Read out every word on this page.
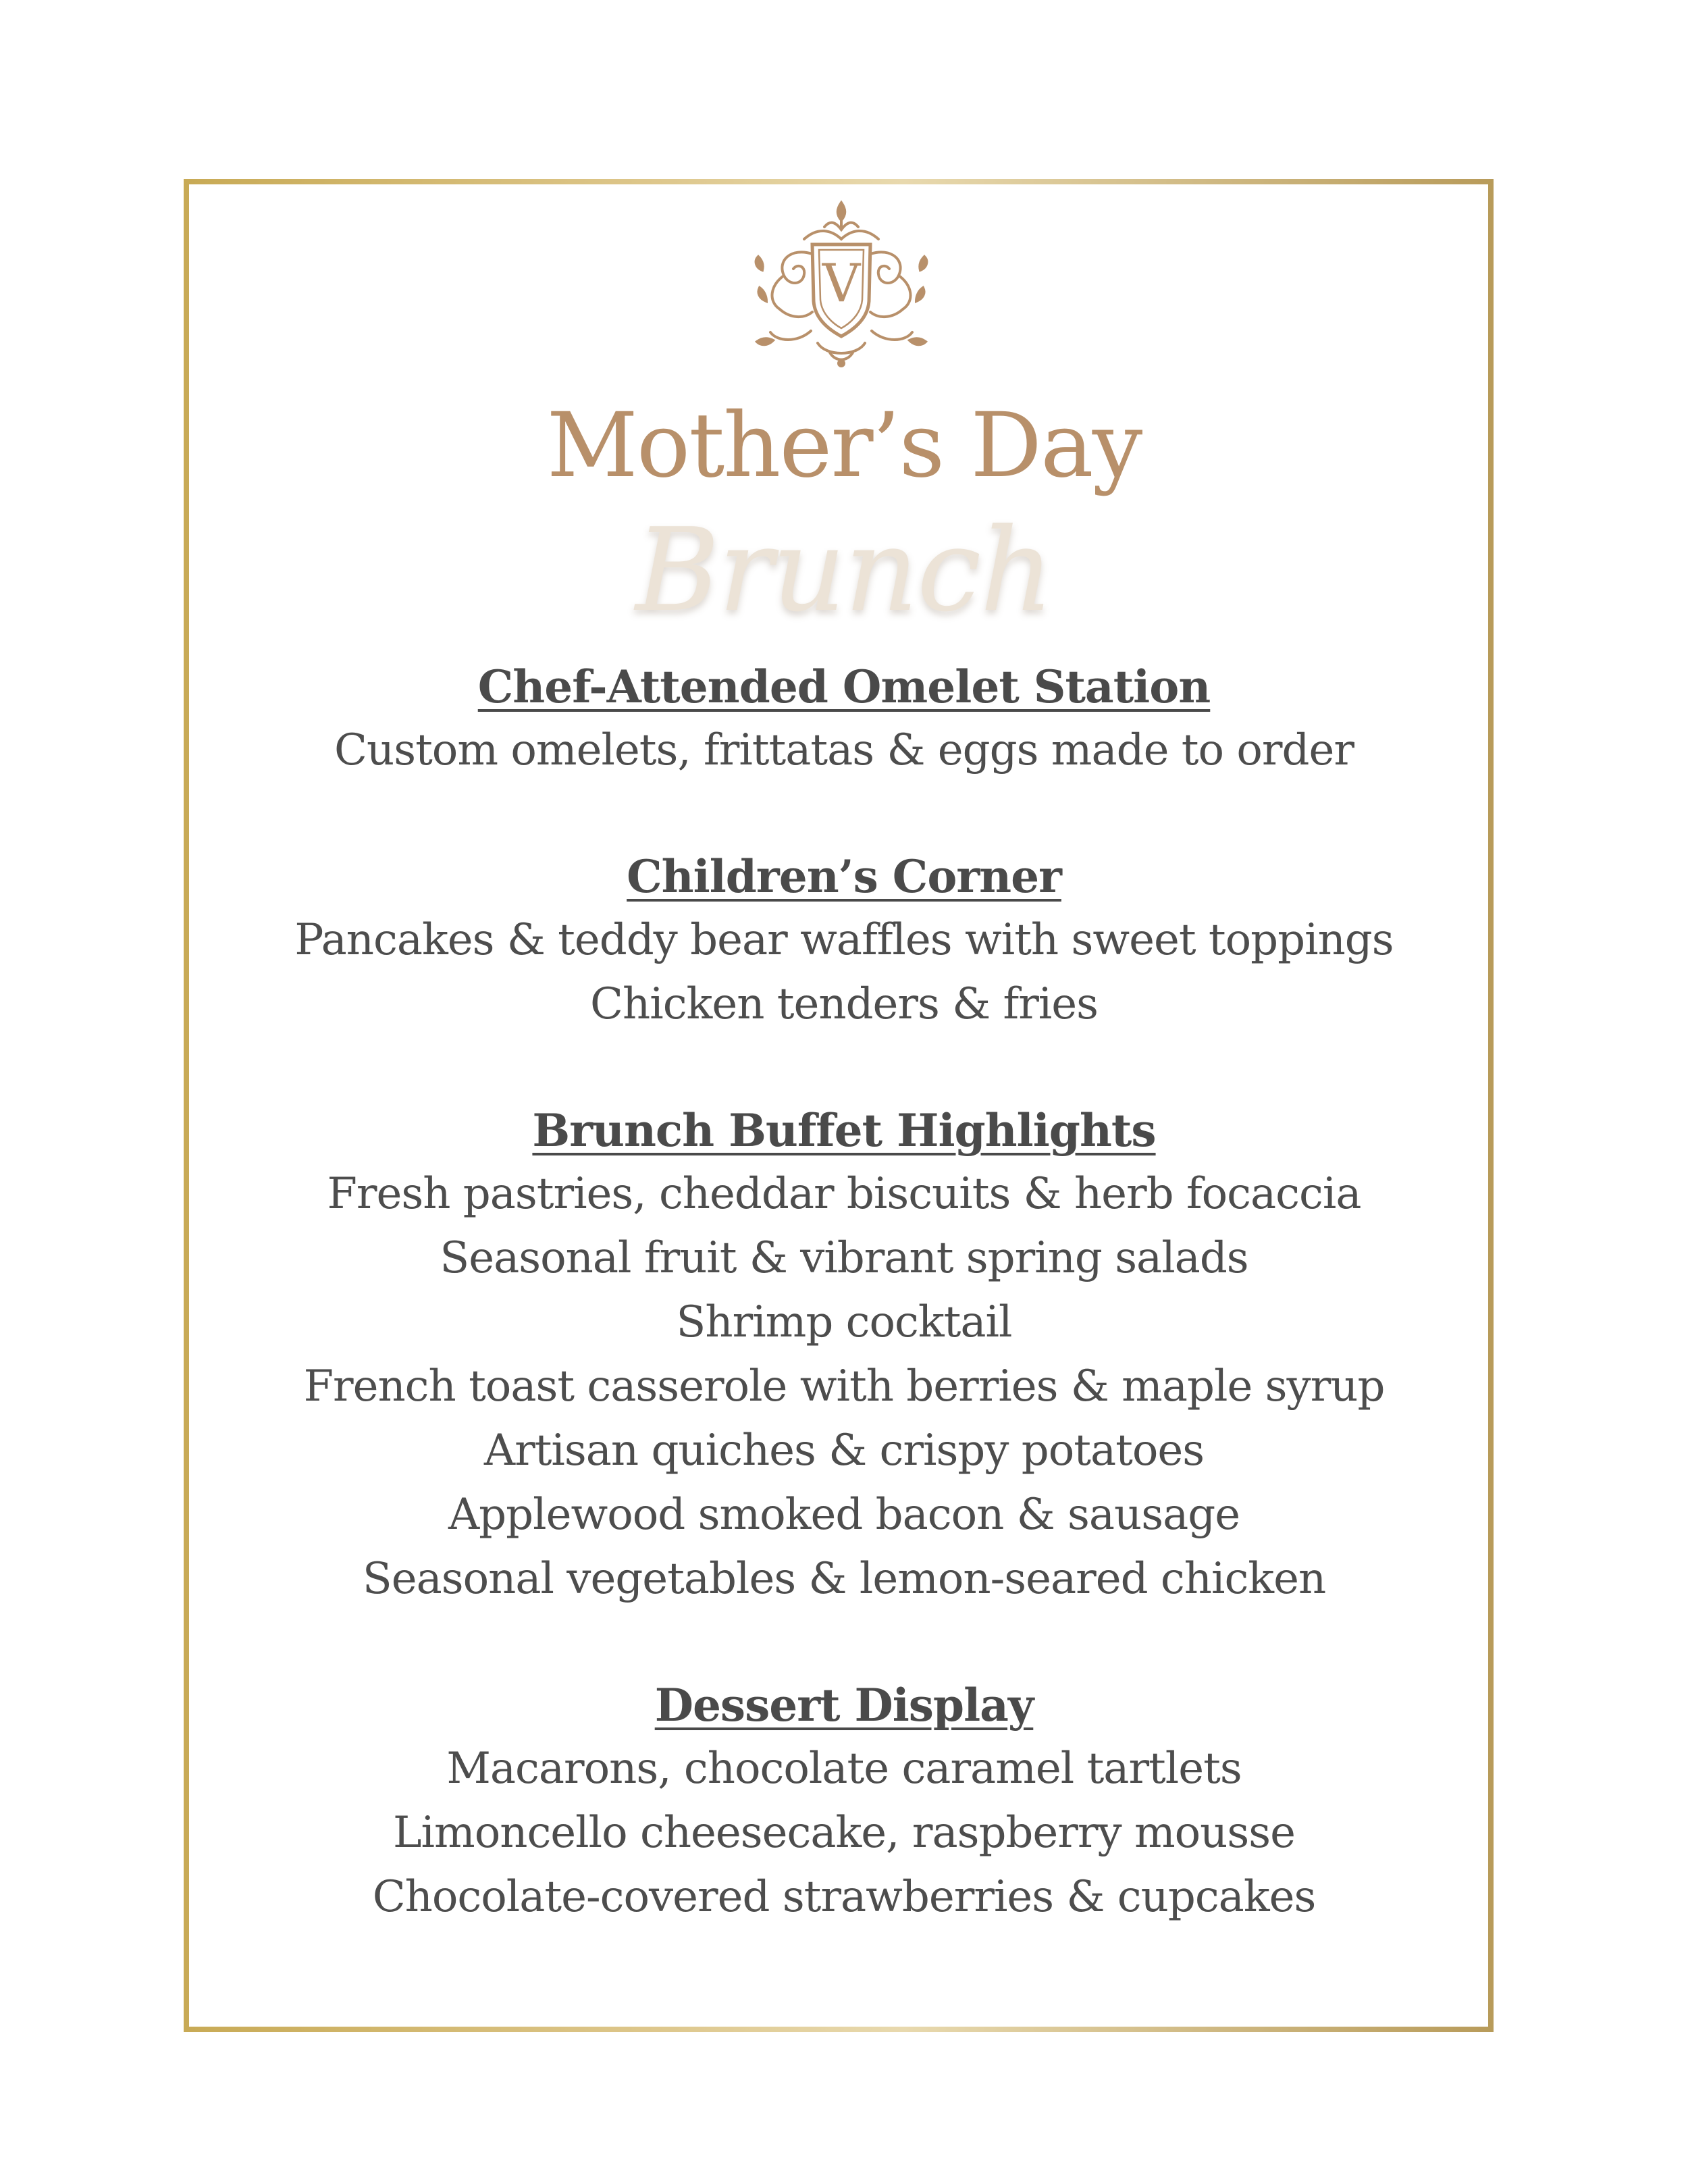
V
Mother’s Day
Brunch
Chef-Attended Omelet Station
Custom omelets, frittatas & eggs made to order
Children’s Corner
Pancakes & teddy bear waffles with sweet toppings
Chicken tenders & fries
Brunch Buffet Highlights
Fresh pastries, cheddar biscuits & herb focaccia
Seasonal fruit & vibrant spring salads
Shrimp cocktail
French toast casserole with berries & maple syrup
Artisan quiches & crispy potatoes
Applewood smoked bacon & sausage
Seasonal vegetables & lemon-seared chicken
Dessert Display
Macarons, chocolate caramel tartlets
Limoncello cheesecake, raspberry mousse
Chocolate-covered strawberries & cupcakes
